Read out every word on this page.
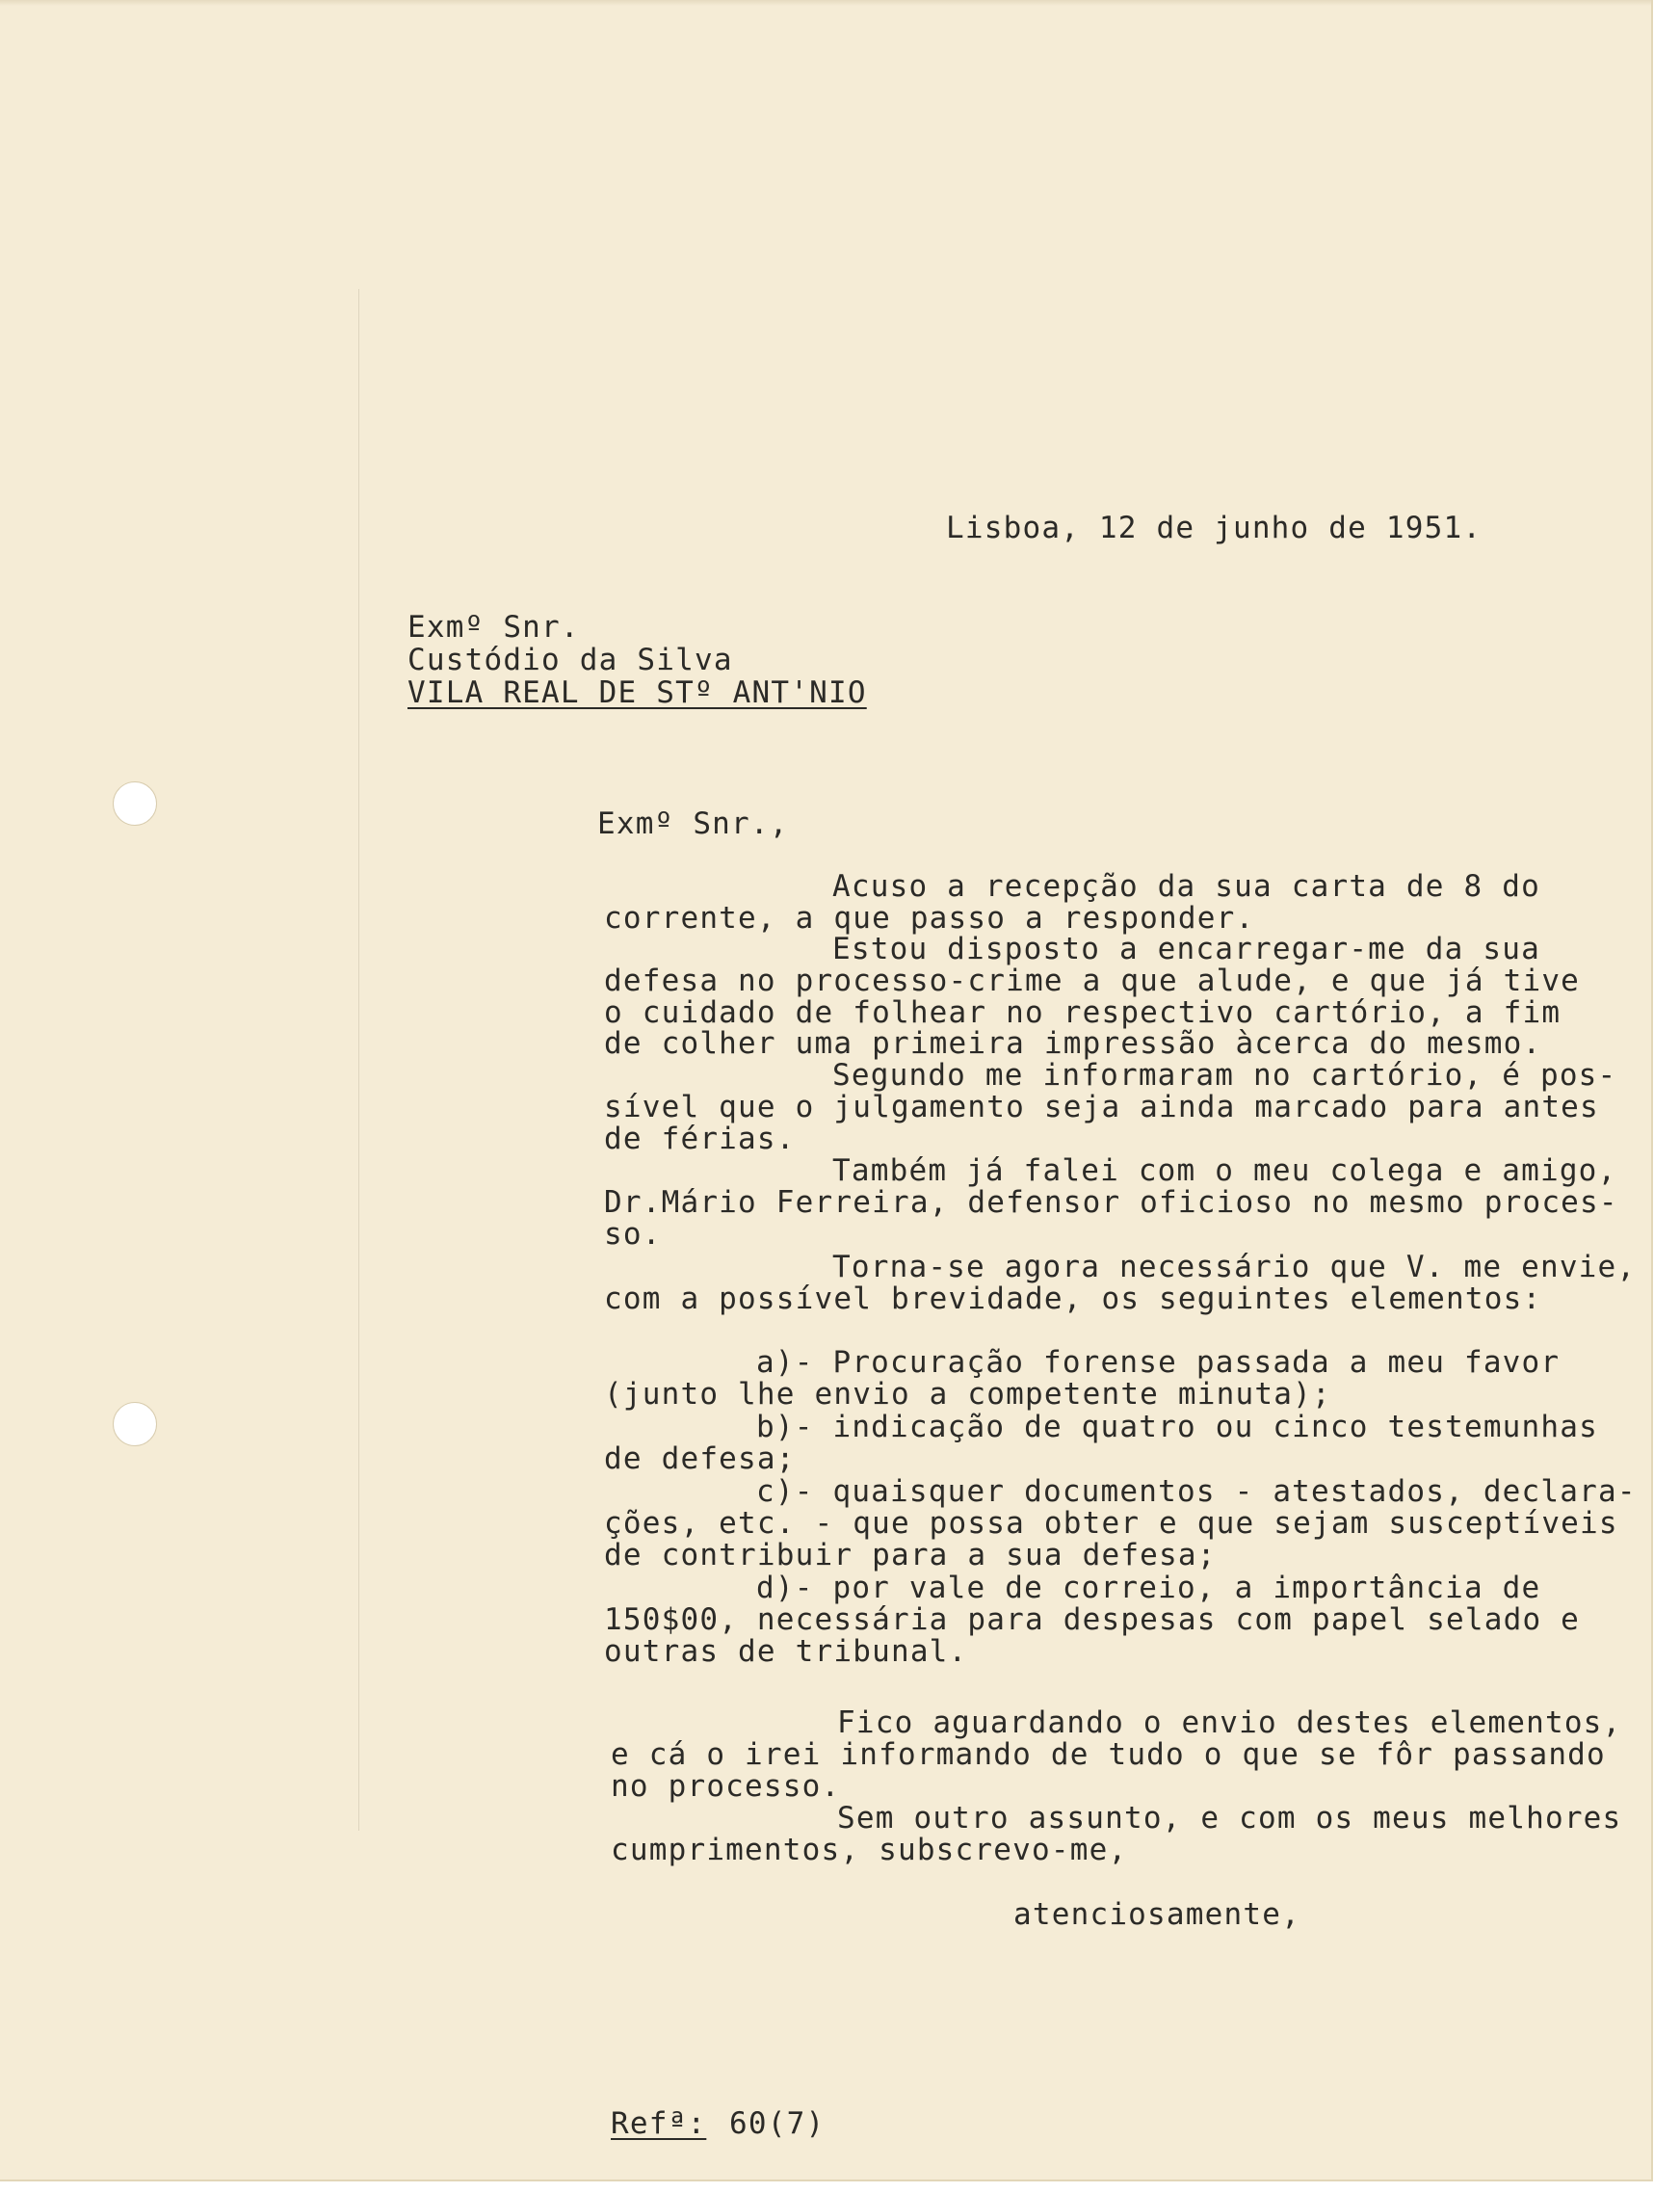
Lisboa, 12 de junho de 1951.

Exmº Snr.

Custódio da Silva

VILA REAL DE STº ANT'NIO

Exmº Snr.,

Acuso a recepção da sua carta de 8 do

corrente, a que passo a responder.

Estou disposto a encarregar-me da sua

defesa no processo-crime a que alude, e que já tive

o cuidado de folhear no respectivo cartório, a fim

de colher uma primeira impressão àcerca do mesmo.

Segundo me informaram no cartório, é pos-

sível que o julgamento seja ainda marcado para antes

de férias.

Também já falei com o meu colega e amigo,

Dr.Mário Ferreira, defensor oficioso no mesmo proces-

so.

Torna-se agora necessário que V. me envie,

com a possível brevidade, os seguintes elementos:

a)- Procuração forense passada a meu favor

(junto lhe envio a competente minuta);

b)- indicação de quatro ou cinco testemunhas

de defesa;

c)- quaisquer documentos - atestados, declara-

ções, etc. - que possa obter e que sejam susceptíveis

de contribuir para a sua defesa;

d)- por vale de correio, a importância de

150$00, necessária para despesas com papel selado e

outras de tribunal.

Fico aguardando o envio destes elementos,

e cá o irei informando de tudo o que se fôr passando

no processo.

Sem outro assunto, e com os meus melhores

cumprimentos, subscrevo-me,

atenciosamente,

Refª: 60(7)
